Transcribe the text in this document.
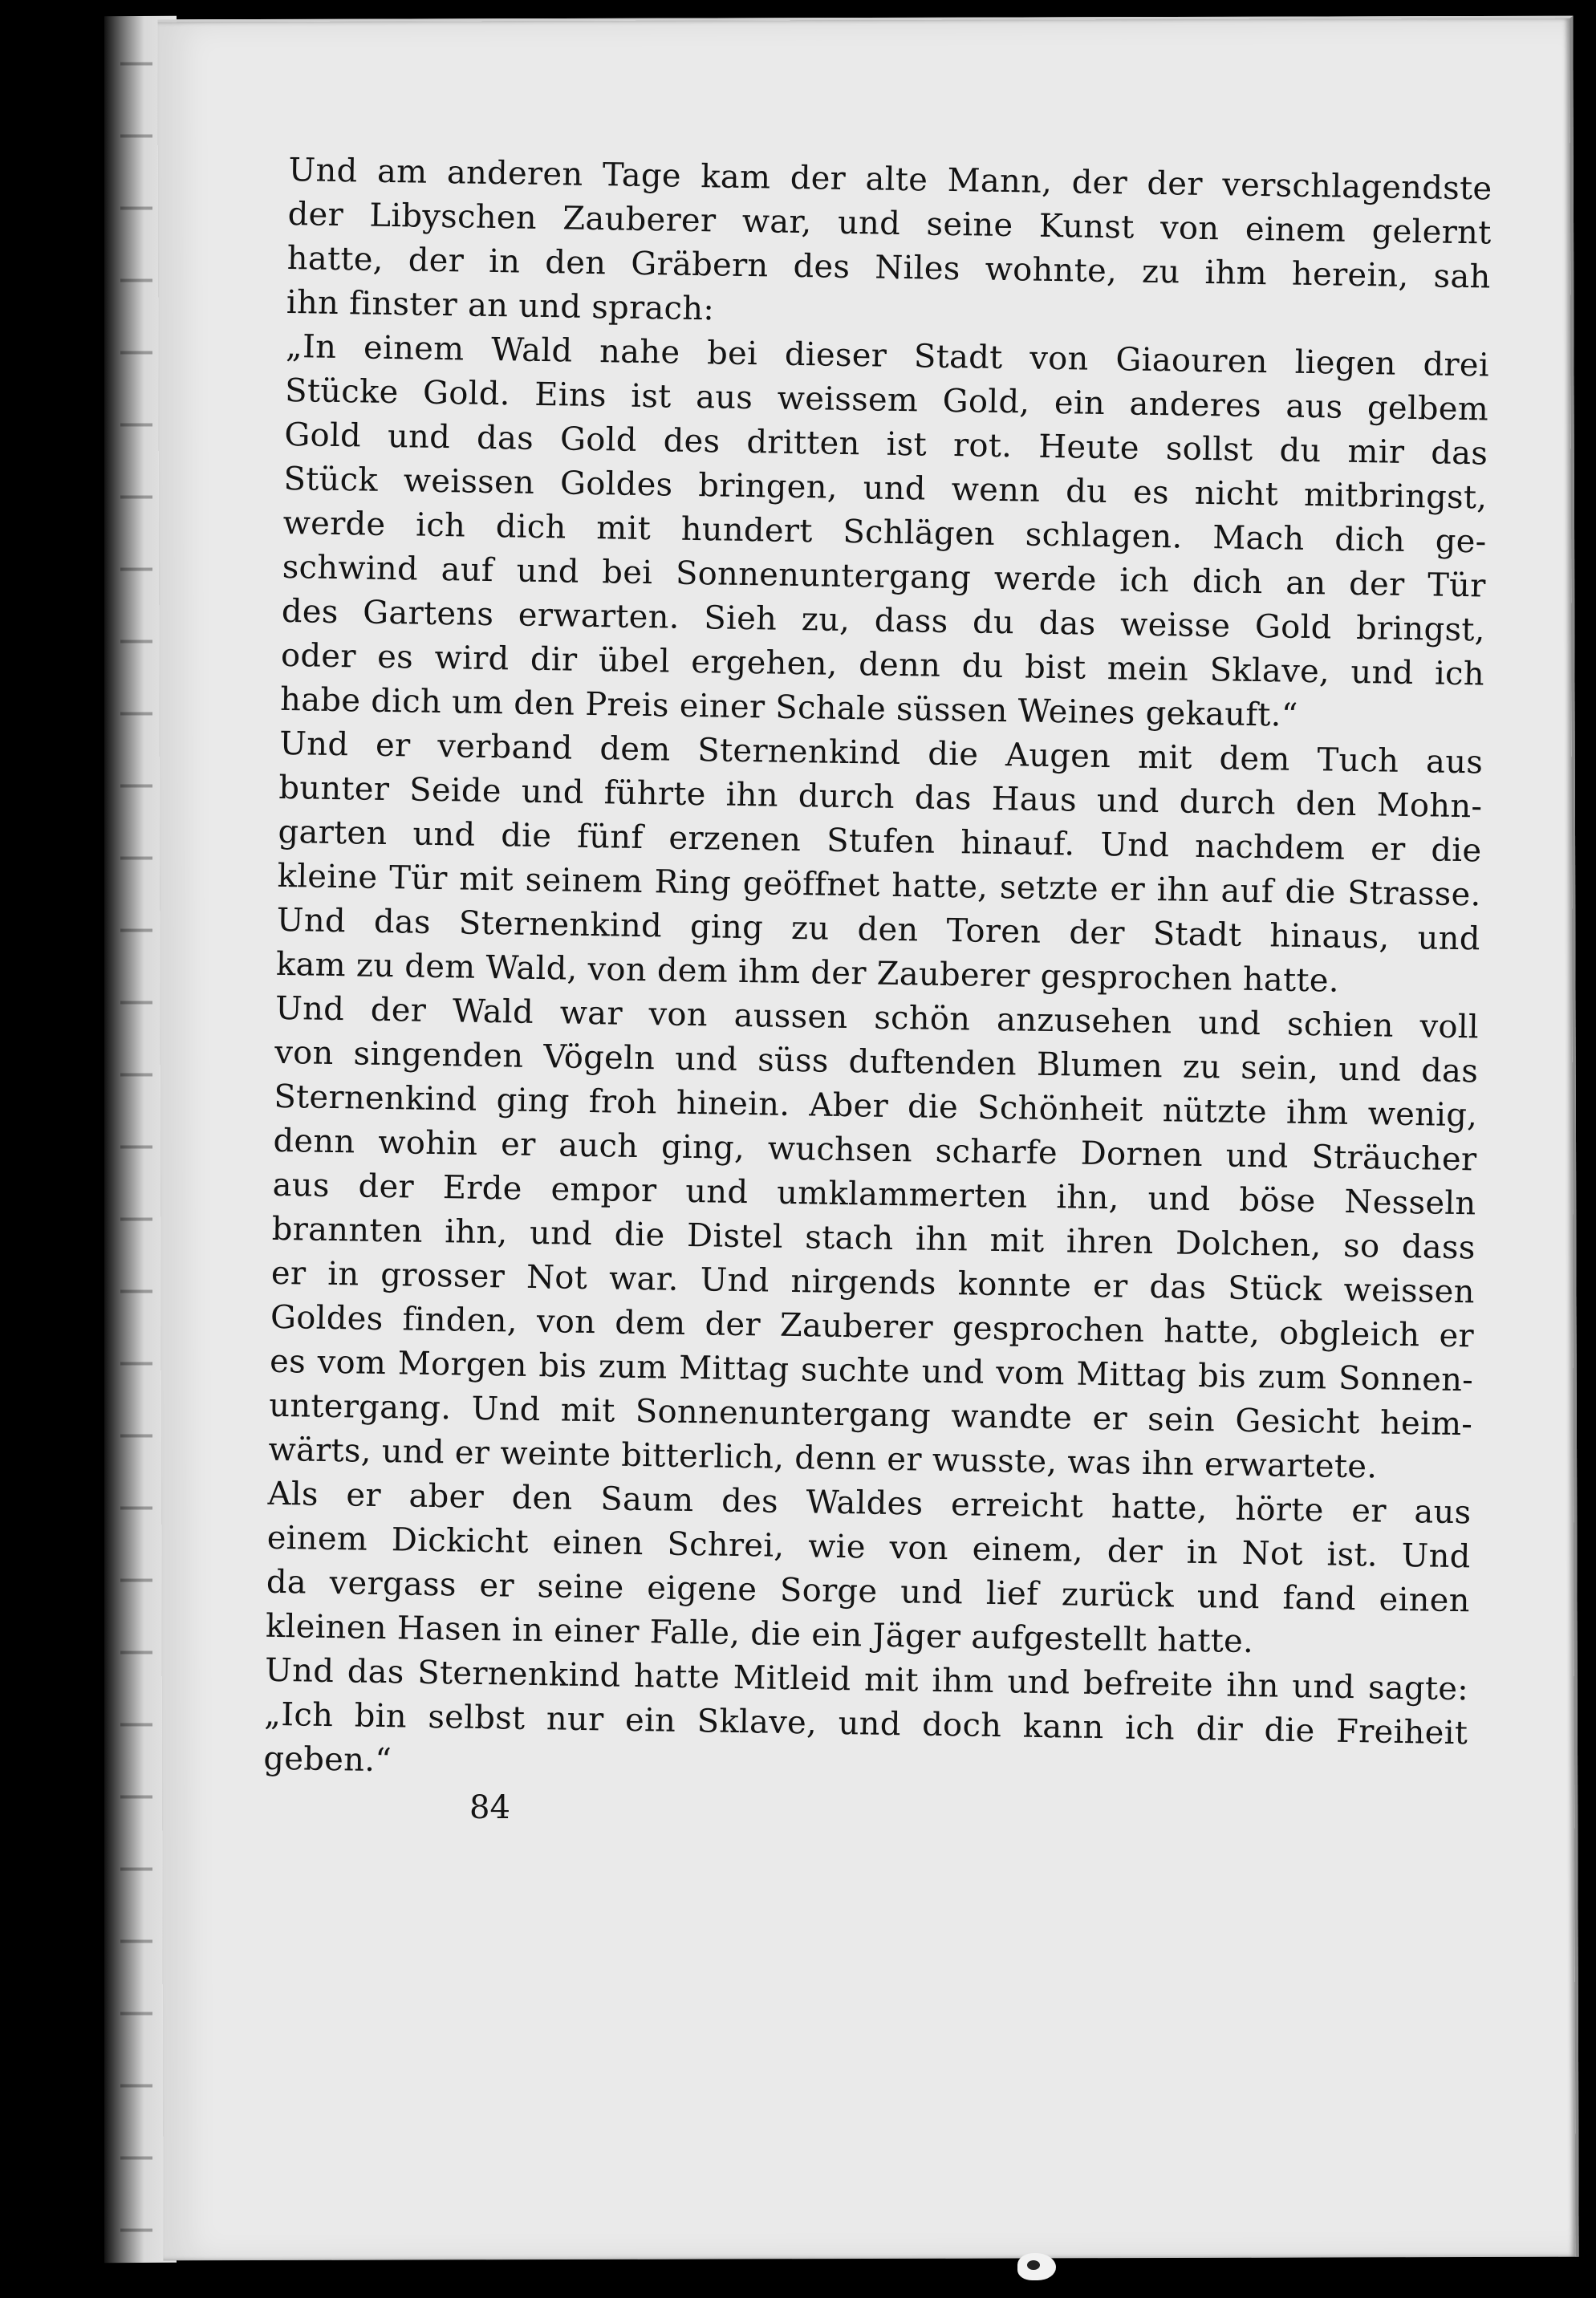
Und am anderen Tage kam der alte Mann, der der verschlagendste
der Libyschen Zauberer war, und seine Kunst von einem gelernt
hatte, der in den Gräbern des Niles wohnte, zu ihm herein, sah
ihn finster an und sprach:
„In einem Wald nahe bei dieser Stadt von Giaouren liegen drei
Stücke Gold. Eins ist aus weissem Gold, ein anderes aus gelbem
Gold und das Gold des dritten ist rot. Heute sollst du mir das
Stück weissen Goldes bringen, und wenn du es nicht mitbringst,
werde ich dich mit hundert Schlägen schlagen. Mach dich ge-
schwind auf und bei Sonnenuntergang werde ich dich an der Tür
des Gartens erwarten. Sieh zu, dass du das weisse Gold bringst,
oder es wird dir übel ergehen, denn du bist mein Sklave, und ich
habe dich um den Preis einer Schale süssen Weines gekauft.“
Und er verband dem Sternenkind die Augen mit dem Tuch aus
bunter Seide und führte ihn durch das Haus und durch den Mohn-
garten und die fünf erzenen Stufen hinauf. Und nachdem er die
kleine Tür mit seinem Ring geöffnet hatte, setzte er ihn auf die Strasse.
Und das Sternenkind ging zu den Toren der Stadt hinaus, und
kam zu dem Wald, von dem ihm der Zauberer gesprochen hatte.
Und der Wald war von aussen schön anzusehen und schien voll
von singenden Vögeln und süss duftenden Blumen zu sein, und das
Sternenkind ging froh hinein. Aber die Schönheit nützte ihm wenig,
denn wohin er auch ging, wuchsen scharfe Dornen und Sträucher
aus der Erde empor und umklammerten ihn, und böse Nesseln
brannten ihn, und die Distel stach ihn mit ihren Dolchen, so dass
er in grosser Not war. Und nirgends konnte er das Stück weissen
Goldes finden, von dem der Zauberer gesprochen hatte, obgleich er
es vom Morgen bis zum Mittag suchte und vom Mittag bis zum Sonnen-
untergang. Und mit Sonnenuntergang wandte er sein Gesicht heim-
wärts, und er weinte bitterlich, denn er wusste, was ihn erwartete.
Als er aber den Saum des Waldes erreicht hatte, hörte er aus
einem Dickicht einen Schrei, wie von einem, der in Not ist. Und
da vergass er seine eigene Sorge und lief zurück und fand einen
kleinen Hasen in einer Falle, die ein Jäger aufgestellt hatte.
Und das Sternenkind hatte Mitleid mit ihm und befreite ihn und sagte:
„Ich bin selbst nur ein Sklave, und doch kann ich dir die Freiheit
geben.“
84
